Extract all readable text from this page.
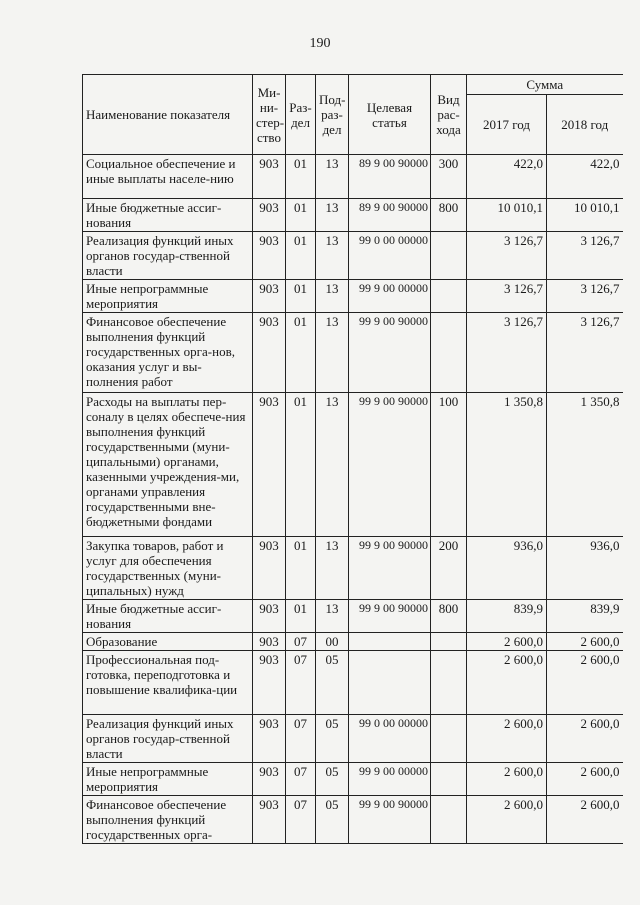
190
Наименование показателя	Ми-
ни-
стер-
ство	Раз-
дел	Под-
раз-
дел	Целевая
статья	Вид
рас-
хода	Сумма	
						2017 год	2018 год
Социальное обеспечение и иные выплаты населе-нию	903	01	13	89 9 00 90000	300	422,0	422,0
Иные бюджетные ассиг-нования	903	01	13	89 9 00 90000	800	10 010,1	10 010,1
Реализация функций иных органов государ-ственной власти	903	01	13	99 0 00 00000		3 126,7	3 126,7
Иные непрограммные мероприятия	903	01	13	99 9 00 00000		3 126,7	3 126,7
Финансовое обеспечение выполнения функций государственных орга-нов, оказания услуг и вы-полнения работ	903	01	13	99 9 00 90000		3 126,7	3 126,7
Расходы на выплаты пер-соналу в целях обеспече-ния выполнения функций государственными (муни-ципальными) органами, казенными учреждения-ми, органами управления государственными вне-бюджетными фондами	903	01	13	99 9 00 90000	100	1 350,8	1 350,8
Закупка товаров, работ и услуг для обеспечения государственных (муни-ципальных) нужд	903	01	13	99 9 00 90000	200	936,0	936,0
Иные бюджетные ассиг-нования	903	01	13	99 9 00 90000	800	839,9	839,9
Образование	903	07	00			2 600,0	2 600,0
Профессиональная под-готовка, переподготовка и повышение квалифика-ции	903	07	05			2 600,0	2 600,0
Реализация функций иных органов государ-ственной власти	903	07	05	99 0 00 00000		2 600,0	2 600,0
Иные непрограммные мероприятия	903	07	05	99 9 00 00000		2 600,0	2 600,0
Финансовое обеспечение выполнения функций государственных орга-	903	07	05	99 9 00 90000		2 600,0	2 600,0
